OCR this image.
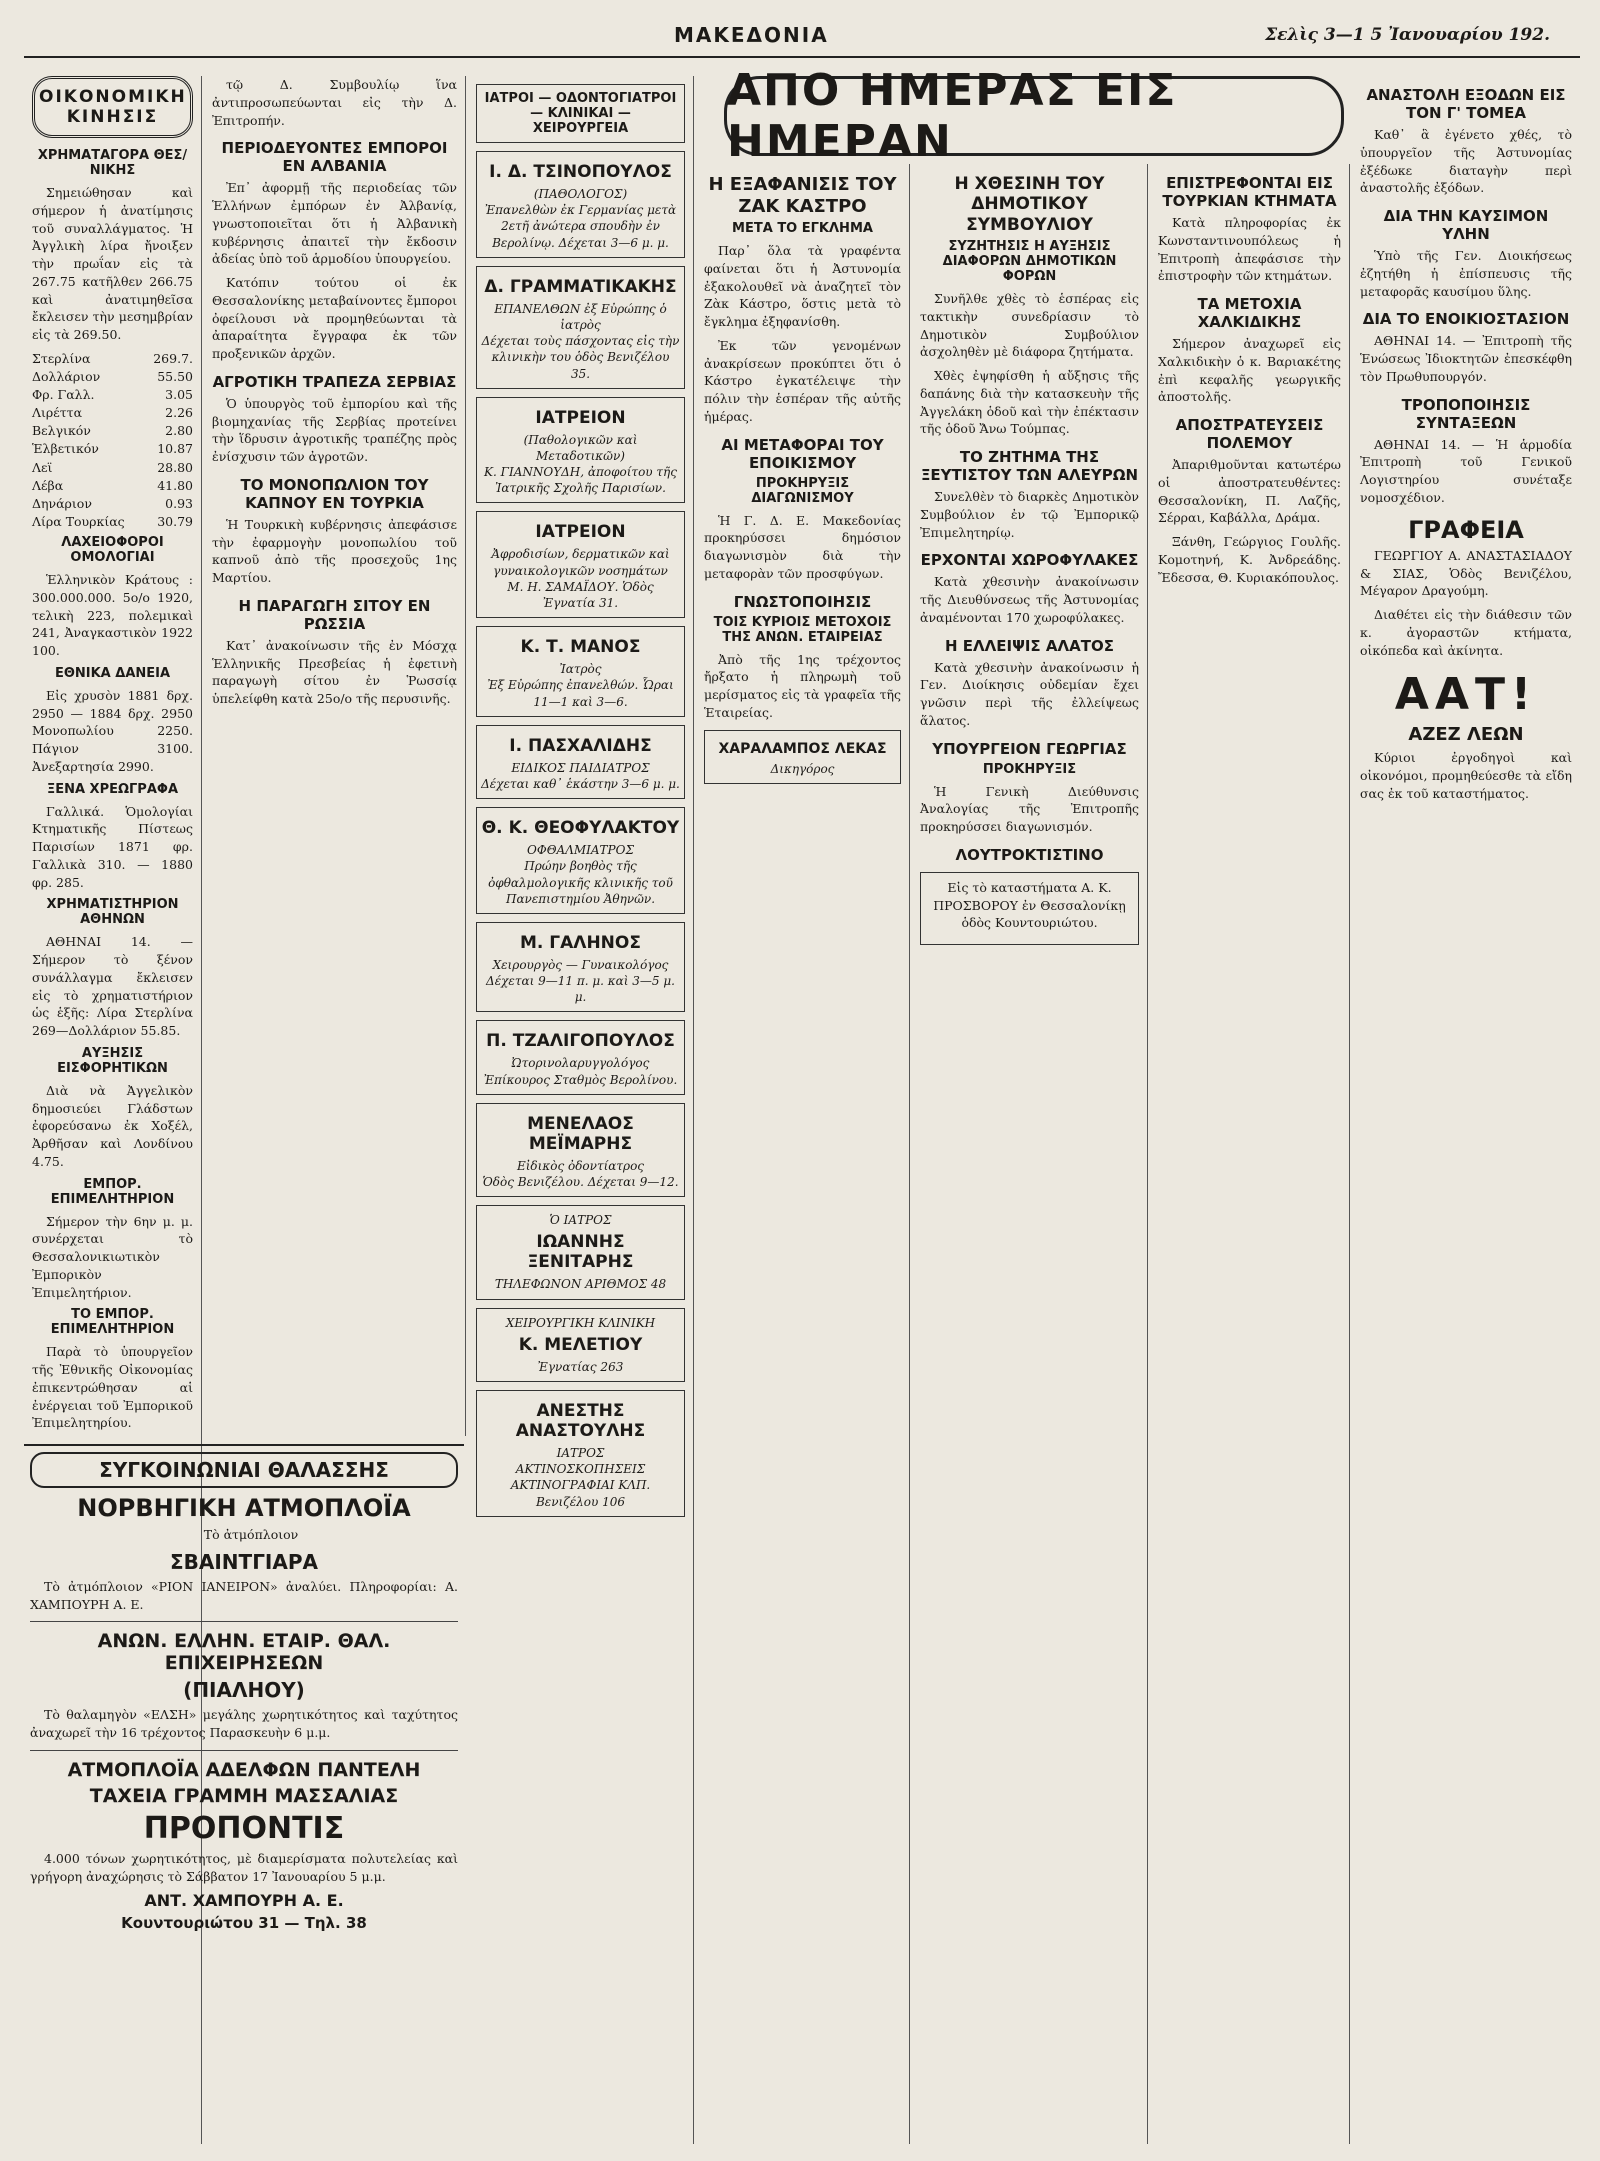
ΜΑΚΕΔΟΝΙΑ	Σελὶς 3—1 5 Ἰανουαρίου 192.
ΟΙΚΟΝΟΜΙΚΗ ΚΙΝΗΣΙΣ
ΧΡΗΜΑΤΑΓΟΡΑ ΘΕΣ/ΝΙΚΗΣ

Σημειώθησαν καὶ σήμερον ἡ ἀνατίμησις τοῦ συναλλάγματος. Ἡ Ἀγγλικὴ λίρα ἤνοιξεν τὴν πρωΐαν εἰς τὰ 267.75 κατῆλθεν 266.75 καὶ ἀνατιμηθεῖσα ἔκλεισεν τὴν μεσημβρίαν εἰς τὰ 269.50.

Στερλίνα	269.7.
Δολλάριον	55.50
Φρ. Γαλλ.	3.05
Λιρέττα	2.26
Βελγικόν	2.80
Ἑλβετικόν	10.87
Λεϊ	28.80
Λέβα	41.80
Δηνάριον	0.93
Λίρα Τουρκίας	30.79
ΛΑΧΕΙΟΦΟΡΟΙ ΟΜΟΛΟΓΙΑΙ

Ἑλληνικὸν Κράτους : 300.000.000. 5ο/ο 1920, τελικὴ 223, πολεμικαὶ 241, Ἀναγκαστικὸν 1922 100.

ΕΘΝΙΚΑ ΔΑΝΕΙΑ

Εἰς χρυσὸν 1881 δρχ. 2950 — 1884 δρχ. 2950 Μονοπωλίου 2250. Πάγιον 3100. Ἀνεξαρτησία 2990.

ΞΕΝΑ ΧΡΕΩΓΡΑΦΑ

Γαλλικά. Ὁμολογίαι Κτηματικῆς Πίστεως Παρισίων 1871 φρ. Γαλλικὰ 310. — 1880 φρ. 285.

ΧΡΗΜΑΤΙΣΤΗΡΙΟΝ ΑΘΗΝΩΝ

ΑΘΗΝΑΙ 14. — Σήμερον τὸ ξένον συνάλλαγμα ἔκλεισεν εἰς τὸ χρηματιστήριον ὡς ἑξῆς: Λίρα Στερλίνα 269—Δολλάριον 55.85.

ΑΥΞΗΣΙΣ ΕΙΣΦΟΡΗΤΙΚΩΝ

Διὰ νὰ Ἀγγελικὸν δημοσιεύει Γλάδστων ἐφορεύσανω ἐκ Χοξέλ, Ἀρθῆσαν καὶ Λονδίνου 4.75.

ΕΜΠΟΡ. ΕΠΙΜΕΛΗΤΗΡΙΟΝ

Σήμερον τὴν 6ην μ. μ. συνέρχεται τὸ Θεσσαλονικιωτικὸν Ἐμπορικὸν Ἐπιμελητήριον.

ΤΟ ΕΜΠΟΡ. ΕΠΙΜΕΛΗΤΗΡΙΟΝ

Παρὰ τὸ ὑπουργεῖον τῆς Ἐθνικῆς Οἰκονομίας ἐπικεντρώθησαν αἱ ἐνέργειαι τοῦ Ἐμπορικοῦ Ἐπιμελητηρίου.

ΣΥΓΚΟΙΝΩΝΙΑΙ ΘΑΛΑΣΣΗΣ
ΝΟΡΒΗΓΙΚΗ ΑΤΜΟΠΛΟΪΑ

Τὸ ἀτμόπλοιον

ΣΒΑΙΝΤΓΙΑΡΑ

Τὸ ἀτμόπλοιον «ΡΙΟΝ ΙΑΝΕΙΡΟΝ» ἀναλύει. Πληροφορίαι: Α. ΧΑΜΠΟΥΡΗ Α. Ε.

ΑΝΩΝ. ΕΛΛΗΝ. ΕΤΑΙΡ. ΘΑΛ. ΕΠΙΧΕΙΡΗΣΕΩΝ
(ΠΙΑΛΗΟΥ)

Τὸ θαλαμηγὸν «ΕΛΣΗ» μεγάλης χωρητικότητος καὶ ταχύτητος ἀναχωρεῖ τὴν 16 τρέχοντος Παρασκευὴν 6 μ.μ.

ΑΤΜΟΠΛΟΪΑ ΑΔΕΛΦΩΝ ΠΑΝΤΕΛΗ
ΤΑΧΕΙΑ ΓΡΑΜΜΗ ΜΑΣΣΑΛΙΑΣ
ΠΡΟΠΟΝΤΙΣ

4.000 τόνων χωρητικότητος, μὲ διαμερίσματα πολυτελείας καὶ γρήγορη ἀναχώρησις τὸ Σάββατον 17 Ἰανουαρίου 5 μ.μ.

ΑΝΤ. ΧΑΜΠΟΥΡΗ Α. Ε.
Κουντουριώτου 31 — Τηλ. 38

τῷ Δ. Συμβουλίῳ ἵνα ἀντιπροσωπεύωνται εἰς τὴν Δ. Ἐπιτροπήν.

ΠΕΡΙΟΔΕΥΟΝΤΕΣ ΕΜΠΟΡΟΙ ΕΝ ΑΛΒΑΝΙΑ

Ἐπ᾽ ἀφορμῇ τῆς περιοδείας τῶν Ἑλλήνων ἐμπόρων ἐν Ἀλβανίᾳ, γνωστοποιεῖται ὅτι ἡ Ἀλβανικὴ κυβέρνησις ἀπαιτεῖ τὴν ἔκδοσιν ἀδείας ὑπὸ τοῦ ἁρμοδίου ὑπουργείου.

Κατόπιν τούτου οἱ ἐκ Θεσσαλονίκης μεταβαίνοντες ἔμποροι ὀφείλουσι νὰ προμηθεύωνται τὰ ἀπαραίτητα ἔγγραφα ἐκ τῶν προξενικῶν ἀρχῶν.

ΑΓΡΟΤΙΚΗ ΤΡΑΠΕΖΑ ΣΕΡΒΙΑΣ

Ὁ ὑπουργὸς τοῦ ἐμπορίου καὶ τῆς βιομηχανίας τῆς Σερβίας προτείνει τὴν ἵδρυσιν ἀγροτικῆς τραπέζης πρὸς ἐνίσχυσιν τῶν ἀγροτῶν.

ΤΟ ΜΟΝΟΠΩΛΙΟΝ ΤΟΥ ΚΑΠΝΟΥ ΕΝ ΤΟΥΡΚΙΑ

Ἡ Τουρκικὴ κυβέρνησις ἀπεφάσισε τὴν ἐφαρμογὴν μονοπωλίου τοῦ καπνοῦ ἀπὸ τῆς προσεχοῦς 1ης Μαρτίου.

Η ΠΑΡΑΓΩΓΗ ΣΙΤΟΥ ΕΝ ΡΩΣΣΙΑ

Κατ᾽ ἀνακοίνωσιν τῆς ἐν Μόσχᾳ Ἑλληνικῆς Πρεσβείας ἡ ἐφετινὴ παραγωγὴ σίτου ἐν Ῥωσσίᾳ ὑπελείφθη κατὰ 25ο/ο τῆς περυσινῆς.

ΙΑΤΡΟΙ — ΟΔΟΝΤΟΓΙΑΤΡΟΙ — ΚΛΙΝΙΚΑΙ — ΧΕΙΡΟΥΡΓΕΙΑ
Ι. Δ. ΤΣΙΝΟΠΟΥΛΟΣ
(ΠΑΘΟΛΟΓΟΣ)
Ἐπανελθὼν ἐκ Γερμανίας μετὰ 2ετῆ ἀνώτερα σπουδὴν ἐν Βερολίνῳ. Δέχεται 3—6 μ. μ.
Δ. ΓΡΑΜΜΑΤΙΚΑΚΗΣ
ΕΠΑΝΕΛΘΩΝ ἐξ Εὐρώπης ὁ ἰατρὸς
Δέχεται τοὺς πάσχοντας εἰς τὴν κλινικὴν του ὁδὸς Βενιζέλου 35.
ΙΑΤΡΕΙΟΝ
(Παθολογικῶν καὶ Μεταδοτικῶν)
Κ. ΓΙΑΝΝΟΥΔΗ, ἀποφοίτου τῆς Ἰατρικῆς Σχολῆς Παρισίων.
ΙΑΤΡΕΙΟΝ
Ἀφροδισίων, δερματικῶν καὶ γυναικολογικῶν νοσημάτων
Μ. Η. ΣΑΜΑΪΔΟΥ. Ὁδὸς Ἐγνατία 31.
Κ. Τ. ΜΑΝΟΣ
Ἰατρὸς
Ἐξ Εὐρώπης ἐπανελθών. Ὧραι 11—1 καὶ 3—6.
Ι. ΠΑΣΧΑΛΙΔΗΣ
ΕΙΔΙΚΟΣ ΠΑΙΔΙΑΤΡΟΣ
Δέχεται καθ᾽ ἑκάστην 3—6 μ. μ.
Θ. Κ. ΘΕΟΦΥΛΑΚΤΟΥ
ΟΦΘΑΛΜΙΑΤΡΟΣ
Πρώην βοηθὸς τῆς ὀφθαλμολογικῆς κλινικῆς τοῦ Πανεπιστημίου Ἀθηνῶν.
Μ. ΓΑΛΗΝΟΣ
Χειρουργὸς — Γυναικολόγος
Δέχεται 9—11 π. μ. καὶ 3—5 μ. μ.
Π. ΤΖΑΛΙΓΟΠΟΥΛΟΣ
Ὠτορινολαρυγγολόγος
Ἐπίκουρος Σταθμὸς Βερολίνου.
ΜΕΝΕΛΑΟΣ ΜΕΪΜΑΡΗΣ
Εἰδικὸς ὀδοντίατρος
Ὁδὸς Βενιζέλου. Δέχεται 9—12.
Ὁ ΙΑΤΡΟΣ
ΙΩΑΝΝΗΣ ΞΕΝΙΤΑΡΗΣ
ΤΗΛΕΦΩΝΟΝ ΑΡΙΘΜΟΣ 48
ΧΕΙΡΟΥΡΓΙΚΗ ΚΛΙΝΙΚΗ
Κ. ΜΕΛΕΤΙΟΥ
Ἐγνατίας 263
ΑΝΕΣΤΗΣ ΑΝΑΣΤΟΥΛΗΣ
ΙΑΤΡΟΣ
ΑΚΤΙΝΟΣΚΟΠΗΣΕΙΣ ΑΚΤΙΝΟΓΡΑΦΙΑΙ ΚΛΠ. Βενιζέλου 106
ΑΠΟ ΗΜΕΡΑΣ ΕΙΣ ΗΜΕΡΑΝ
Η ΕΞΑΦΑΝΙΣΙΣ ΤΟΥ ΖΑΚ ΚΑΣΤΡΟ
ΜΕΤΑ ΤΟ ΕΓΚΛΗΜΑ

Παρ᾽ ὅλα τὰ γραφέντα φαίνεται ὅτι ἡ Ἀστυνομία ἐξακολουθεῖ νὰ ἀναζητεῖ τὸν Ζὰκ Κάστρο, ὅστις μετὰ τὸ ἔγκλημα ἐξηφανίσθη.

Ἐκ τῶν γενομένων ἀνακρίσεων προκύπτει ὅτι ὁ Κάστρο ἐγκατέλειψε τὴν πόλιν τὴν ἑσπέραν τῆς αὐτῆς ἡμέρας.

ΑΙ ΜΕΤΑΦΟΡΑΙ ΤΟΥ ΕΠΟΙΚΙΣΜΟΥ
ΠΡΟΚΗΡΥΞΙΣ ΔΙΑΓΩΝΙΣΜΟΥ

Ἡ Γ. Δ. Ε. Μακεδονίας προκηρύσσει δημόσιον διαγωνισμὸν διὰ τὴν μεταφορὰν τῶν προσφύγων.

ΓΝΩΣΤΟΠΟΙΗΣΙΣ
ΤΟΙΣ ΚΥΡΙΟΙΣ ΜΕΤΟΧΟΙΣ ΤΗΣ ΑΝΩΝ. ΕΤΑΙΡΕΙΑΣ

Ἀπὸ τῆς 1ης τρέχοντος ἤρξατο ἡ πληρωμὴ τοῦ μερίσματος εἰς τὰ γραφεῖα τῆς Ἑταιρείας.

ΧΑΡΑΛΑΜΠΟΣ ΛΕΚΑΣ
Δικηγόρος
Η ΧΘΕΣΙΝΗ ΤΟΥ ΔΗΜΟΤΙΚΟΥ ΣΥΜΒΟΥΛΙΟΥ
ΣΥΖΗΤΗΣΙΣ Η ΑΥΞΗΣΙΣ ΔΙΑΦΟΡΩΝ ΔΗΜΟΤΙΚΩΝ ΦΟΡΩΝ

Συνῆλθε χθὲς τὸ ἑσπέρας εἰς τακτικὴν συνεδρίασιν τὸ Δημοτικὸν Συμβούλιον ἀσχοληθὲν μὲ διάφορα ζητήματα.

Χθὲς ἐψηφίσθη ἡ αὔξησις τῆς δαπάνης διὰ τὴν κατασκευὴν τῆς Ἀγγελάκη ὁδοῦ καὶ τὴν ἐπέκτασιν τῆς ὁδοῦ Ἄνω Τούμπας.

ΤΟ ΖΗΤΗΜΑ ΤΗΣ ΞΕΥΤΙΣΤΟΥ ΤΩΝ ΑΛΕΥΡΩΝ

Συνελθὲν τὸ διαρκὲς Δημοτικὸν Συμβούλιον ἐν τῷ Ἐμπορικῷ Ἐπιμελητηρίῳ.

ΕΡΧΟΝΤΑΙ ΧΩΡΟΦΥΛΑΚΕΣ

Κατὰ χθεσινὴν ἀνακοίνωσιν τῆς Διευθύνσεως τῆς Ἀστυνομίας ἀναμένονται 170 χωροφύλακες.

Η ΕΛΛΕΙΨΙΣ ΑΛΑΤΟΣ

Κατὰ χθεσινὴν ἀνακοίνωσιν ἡ Γεν. Διοίκησις οὐδεμίαν ἔχει γνῶσιν περὶ τῆς ἐλλείψεως ἅλατος.

ΥΠΟΥΡΓΕΙΟΝ ΓΕΩΡΓΙΑΣ
ΠΡΟΚΗΡΥΞΙΣ

Ἡ Γενικὴ Διεύθυνσις Ἀναλογίας τῆς Ἐπιτροπῆς προκηρύσσει διαγωνισμόν.

ΛΟΥΤΡΟΚΤΙΣΤΙΝΟ

Εἰς τὸ καταστήματα Α. Κ. ΠΡΟΣΒΟΡΟΥ ἐν Θεσσαλονίκῃ ὁδὸς Κουντουριώτου.

ΕΠΙΣΤΡΕΦΟΝΤΑΙ ΕΙΣ ΤΟΥΡΚΙΑΝ ΚΤΗΜΑΤΑ

Κατὰ πληροφορίας ἐκ Κωνσταντινουπόλεως ἡ Ἐπιτροπὴ ἀπεφάσισε τὴν ἐπιστροφὴν τῶν κτημάτων.

ΤΑ ΜΕΤΟΧΙΑ ΧΑΛΚΙΔΙΚΗΣ

Σήμερον ἀναχωρεῖ εἰς Χαλκιδικὴν ὁ κ. Βαριακέτης ἐπὶ κεφαλῆς γεωργικῆς ἀποστολῆς.

ΑΠΟΣΤΡΑΤΕΥΣΕΙΣ ΠΟΛΕΜΟΥ

Ἀπαριθμοῦνται κατωτέρω οἱ ἀποστρατευθέντες: Θεσσαλονίκη, Π. Λαζῆς, Σέρραι, Καβάλλα, Δράμα.

Ξάνθη, Γεώργιος Γουλῆς. Κομοτηνή, Κ. Ἀνδρεάδης. Ἔδεσσα, Θ. Κυριακόπουλος.

ΑΝΑΣΤΟΛΗ ΕΞΟΔΩΝ ΕΙΣ ΤΟΝ Γ' ΤΟΜΕΑ

Καθ᾽ ἃ ἐγένετο χθές, τὸ ὑπουργεῖον τῆς Ἀστυνομίας ἐξέδωκε διαταγὴν περὶ ἀναστολῆς ἐξόδων.

ΔΙΑ ΤΗΝ ΚΑΥΣΙΜΟΝ ΥΛΗΝ

Ὑπὸ τῆς Γεν. Διοικήσεως ἐζητήθη ἡ ἐπίσπευσις τῆς μεταφορᾶς καυσίμου ὕλης.

ΔΙΑ ΤΟ ΕΝΟΙΚΙΟΣΤΑΣΙΟΝ

ΑΘΗΝΑΙ 14. — Ἐπιτροπὴ τῆς Ἑνώσεως Ἰδιοκτητῶν ἐπεσκέφθη τὸν Πρωθυπουργόν.

ΤΡΟΠΟΠΟΙΗΣΙΣ ΣΥΝΤΑΞΕΩΝ

ΑΘΗΝΑΙ 14. — Ἡ ἁρμοδία Ἐπιτροπὴ τοῦ Γενικοῦ Λογιστηρίου συνέταξε νομοσχέδιον.

ΓΡΑΦΕΙΑ

ΓΕΩΡΓΙΟΥ Α. ΑΝΑΣΤΑΣΙΑΔΟΥ & ΣΙΑΣ, Ὁδὸς Βενιζέλου, Μέγαρον Δραγούμη.

Διαθέτει εἰς τὴν διάθεσιν τῶν κ. ἀγοραστῶν κτήματα, οἰκόπεδα καὶ ἀκίνητα.

ΑΑΤ!
ΑΖΕΖ ΛΕΩΝ

Κύριοι ἐργοδηγοὶ καὶ οἰκονόμοι, προμηθεύεσθε τὰ εἴδη σας ἐκ τοῦ καταστήματος.
